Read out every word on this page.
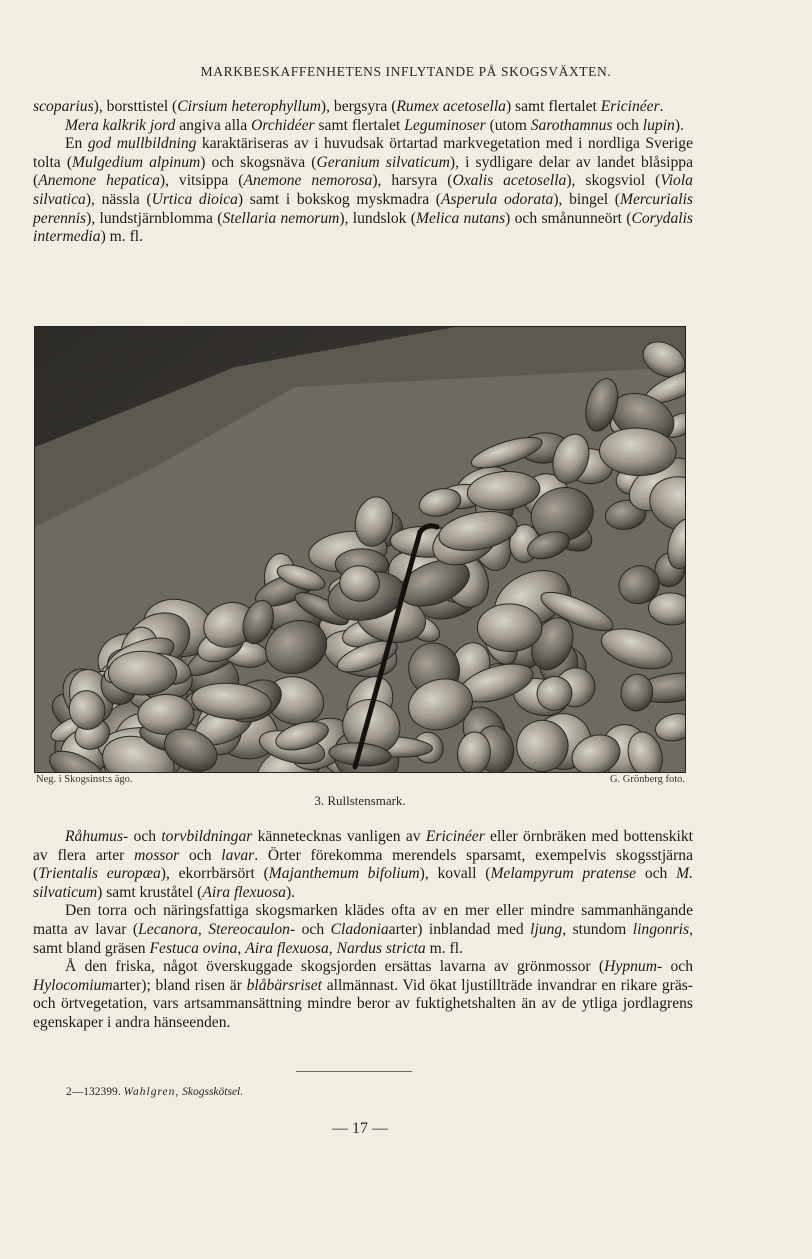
MARKBESKAFFENHETENS INFLYTANDE PÅ SKOGSVÄXTEN.

scoparius), borsttistel (Cirsium heterophyllum), bergsyra (Rumex acetosella) samt flertalet Ericinéer.

Mera kalkrik jord angiva alla Orchidéer samt flertalet Leguminoser (utom Sarothamnus och lupin).

En god mullbildning karaktäriseras av i huvudsak örtartad markvegetation med i nordliga Sverige tolta (Mulgedium alpinum) och skogsnäva (Geranium silvaticum), i sydligare delar av landet blåsippa (Anemone hepatica), vitsippa (Anemone nemorosa), harsyra (Oxalis acetosella), skogsviol (Viola silvatica), nässla (Urtica dioica) samt i bokskog myskmadra (Asperula odorata), bingel (Mercurialis perennis), lundstjärnblomma (Stellaria nemorum), lundslok (Melica nutans) och smånunneört (Corydalis intermedia) m. fl.

Neg. i Skogsinst:s ägo.	G. Grönberg foto.
3. Rullstensmark.

Råhumus- och torvbildningar kännetecknas vanligen av Ericinéer eller örnbräken med bottenskikt av flera arter mossor och lavar. Örter förekomma merendels sparsamt, exempelvis skogsstjärna (Trientalis europæa), ekorrbärsört (Majanthemum bifolium), kovall (Melampyrum pratense och M. silvaticum) samt kruståtel (Aira flexuosa).

Den torra och näringsfattiga skogsmarken klädes ofta av en mer eller mindre sammanhängande matta av lavar (Lecanora, Stereocaulon- och Cladoniaarter) inblandad med ljung, stundom lingonris, samt bland gräsen Festuca ovina, Aira flexuosa, Nardus stricta m. fl.

Å den friska, något överskuggade skogsjorden ersättas lavarna av grönmossor (Hypnum- och Hylocomiumarter); bland risen är blåbärsriset allmännast. Vid ökat ljustillträde invandrar en rikare gräs- och örtvegetation, vars artsammansättning mindre beror av fuktighetshalten än av de ytliga jordlagrens egenskaper i andra hänseenden.

2—132399. Wahlgren, Skogsskötsel.
— 17 —
